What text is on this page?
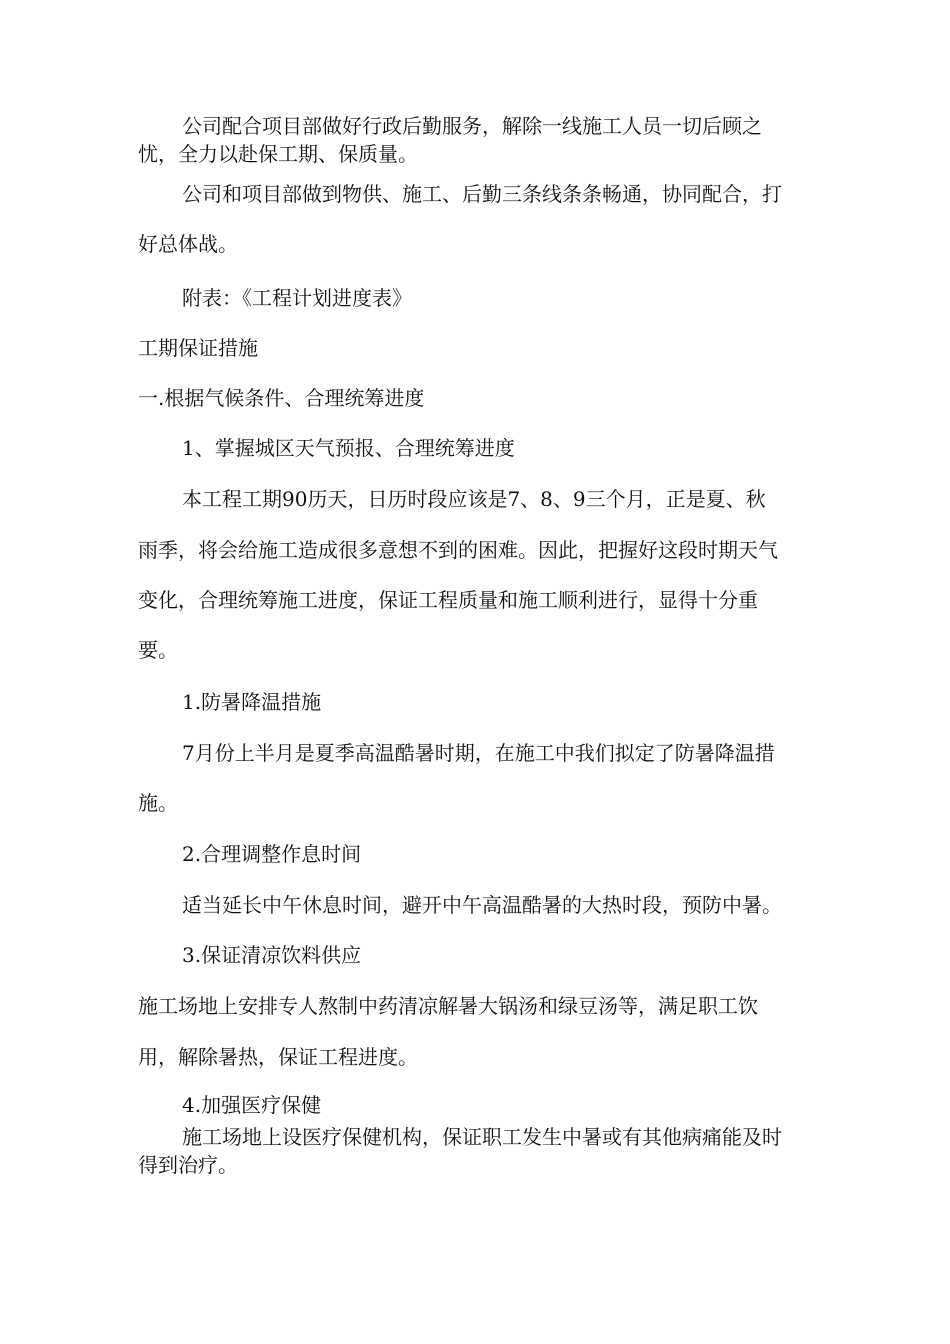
公司配合项目部做好行政后勤服务，解除一线施工人员一切后顾之

忧，全力以赴保工期、保质量。

公司和项目部做到物供、施工、后勤三条线条条畅通，协同配合，打

好总体战。

附表：《工程计划进度表》

工期保证措施

一.根据气候条件、合理统筹进度

1、掌握城区天气预报、合理统筹进度

本工程工期90历天，日历时段应该是7、8、9三个月，正是夏、秋

雨季，将会给施工造成很多意想不到的困难。因此，把握好这段时期天气

变化，合理统筹施工进度，保证工程质量和施工顺利进行，显得十分重

要。

1.防暑降温措施

7月份上半月是夏季高温酷暑时期，在施工中我们拟定了防暑降温措

施。

2.合理调整作息时间

适当延长中午休息时间，避开中午高温酷暑的大热时段，预防中暑。

3.保证清凉饮料供应

施工场地上安排专人熬制中药清凉解暑大锅汤和绿豆汤等，满足职工饮

用，解除暑热，保证工程进度。

4.加强医疗保健

施工场地上设医疗保健机构，保证职工发生中暑或有其他病痛能及时

得到治疗。
